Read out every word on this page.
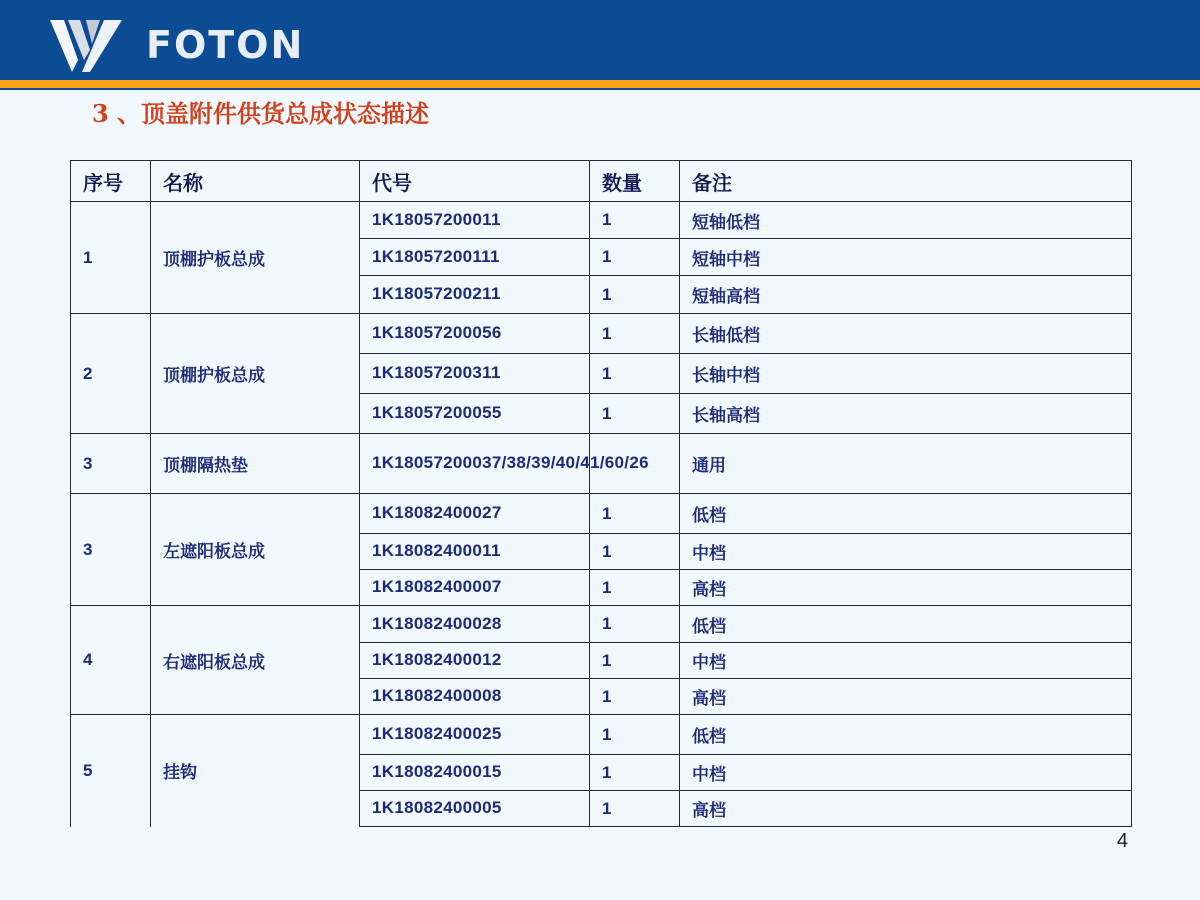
FOTON
3 、顶盖附件供货总成状态描述
序号	名称	代号	数量	备注
1	顶棚护板总成	1K18057200011	1	短轴低档
		1K18057200111	1	短轴中档
		1K18057200211	1	短轴高档
2	顶棚护板总成	1K18057200056	1	长轴低档
		1K18057200311	1	长轴中档
		1K18057200055	1	长轴高档
3	顶棚隔热垫	1K18057200037/38/39/40/41/60/26		通用
3	左遮阳板总成	1K18082400027	1	低档
		1K18082400011	1	中档
		1K18082400007	1	高档
4	右遮阳板总成	1K18082400028	1	低档
		1K18082400012	1	中档
		1K18082400008	1	高档
5	挂钩	1K18082400025	1	低档
		1K18082400015	1	中档
		1K18082400005	1	高档
4
